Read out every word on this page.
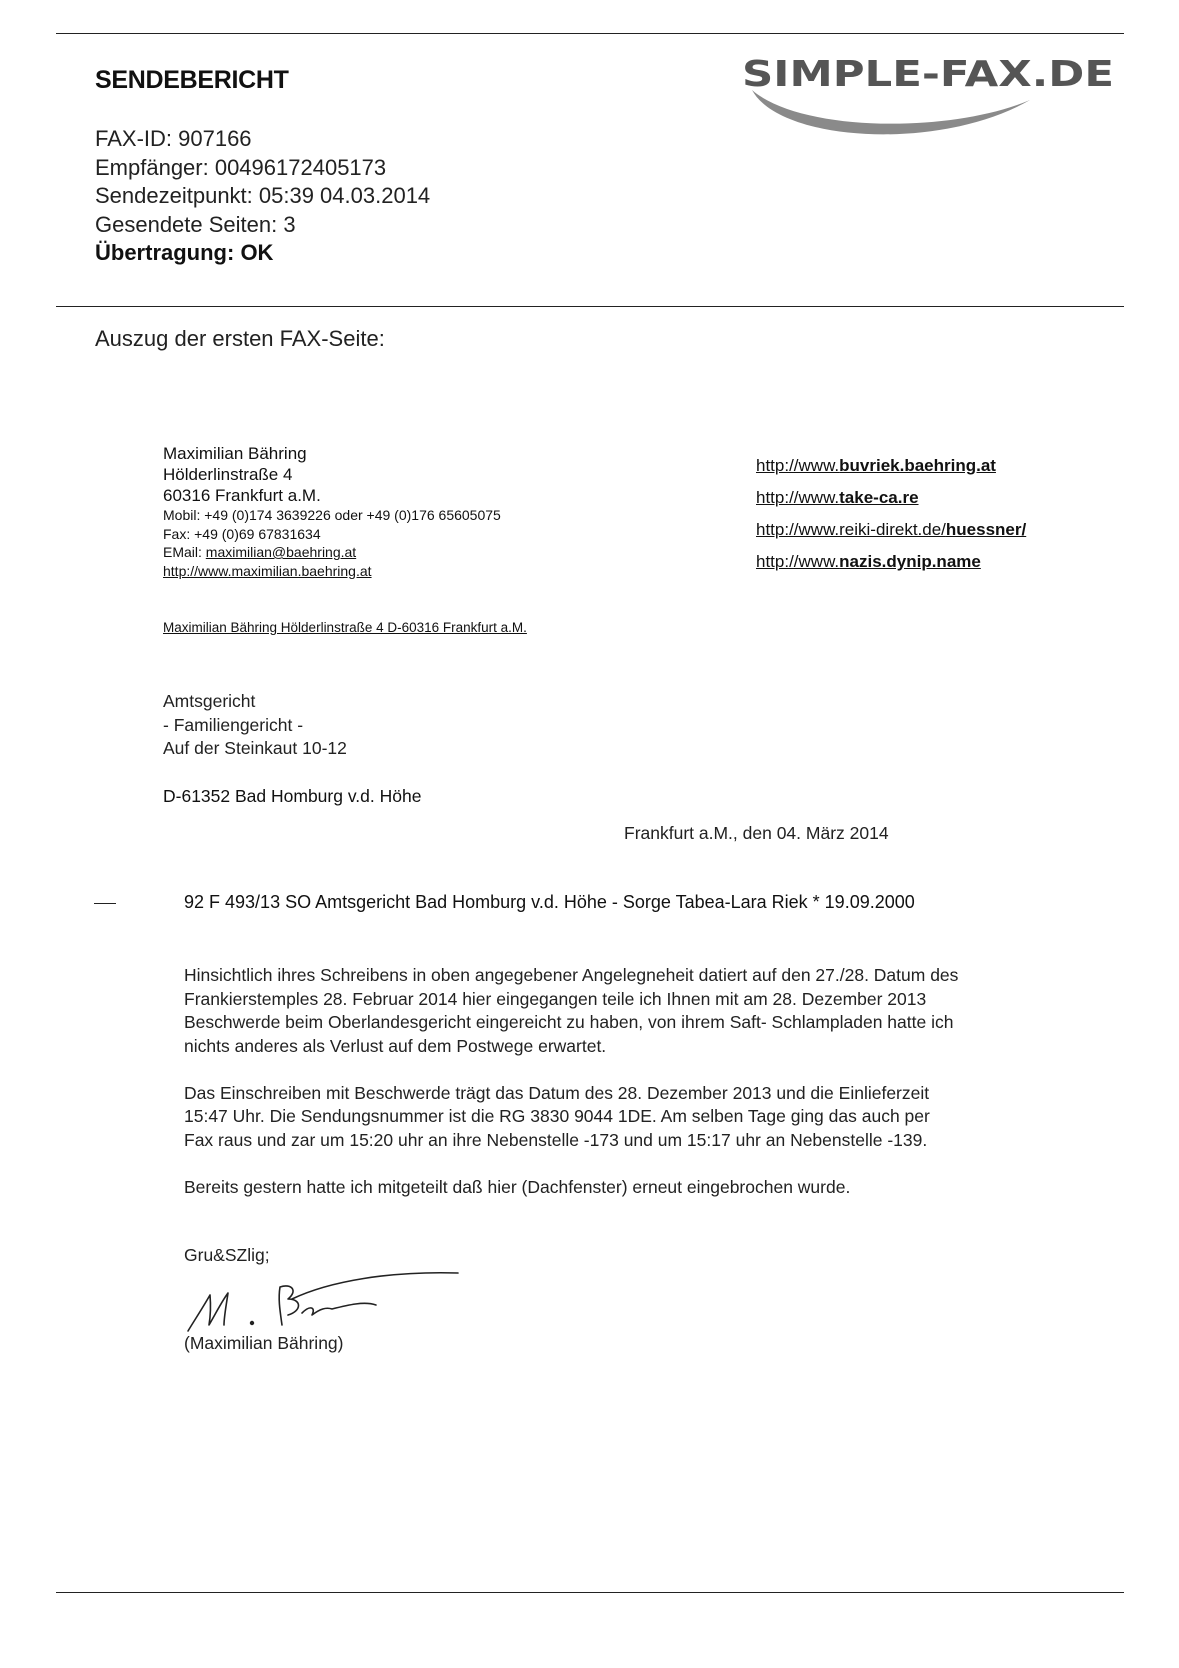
SENDEBERICHT
FAX-ID: 907166
Empfänger: 00496172405173
Sendezeitpunkt: 05:39 04.03.2014
Gesendete Seiten: 3
Übertragung: OK
SIMPLE-FAX.DE
Auszug der ersten FAX-Seite:
Maximilian Bähring
Hölderlinstraße 4
60316 Frankfurt a.M.
Mobil: +49 (0)174 3639226 oder +49 (0)176 65605075
Fax: +49 (0)69 67831634
EMail: maximilian@baehring.at
http://www.maximilian.baehring.at
http://www.buvriek.baehring.at
http://www.take-ca.re
http://www.reiki-direkt.de/huessner/
http://www.nazis.dynip.name
Maximilian Bähring Hölderlinstraße 4 D-60316 Frankfurt a.M.
Amtsgericht
- Familiengericht -
Auf der Steinkaut 10-12
D-61352 Bad Homburg v.d. Höhe
Frankfurt a.M., den 04. März 2014
92 F 493/13 SO Amtsgericht Bad Homburg v.d. Höhe - Sorge Tabea-Lara Riek * 19.09.2000

Hinsichtlich ihres Schreibens in oben angegebener Angelegneheit datiert auf den 27./28. Datum des
Frankierstemples 28. Februar 2014 hier eingegangen teile ich Ihnen mit am 28. Dezember 2013
Beschwerde beim Oberlandesgericht eingereicht zu haben, von ihrem Saft- Schlampladen hatte ich
nichts anderes als Verlust auf dem Postwege erwartet.

Das Einschreiben mit Beschwerde trägt das Datum des 28. Dezember 2013 und die Einlieferzeit
15:47 Uhr. Die Sendungsnummer ist die RG 3830 9044 1DE. Am selben Tage ging das auch per
Fax raus und zar um 15:20 uhr an ihre Nebenstelle -173 und um 15:17 uhr an Nebenstelle -139.

Bereits gestern hatte ich mitgeteilt daß hier (Dachfenster) erneut eingebrochen wurde.

Gru&SZlig;
(Maximilian Bähring)
